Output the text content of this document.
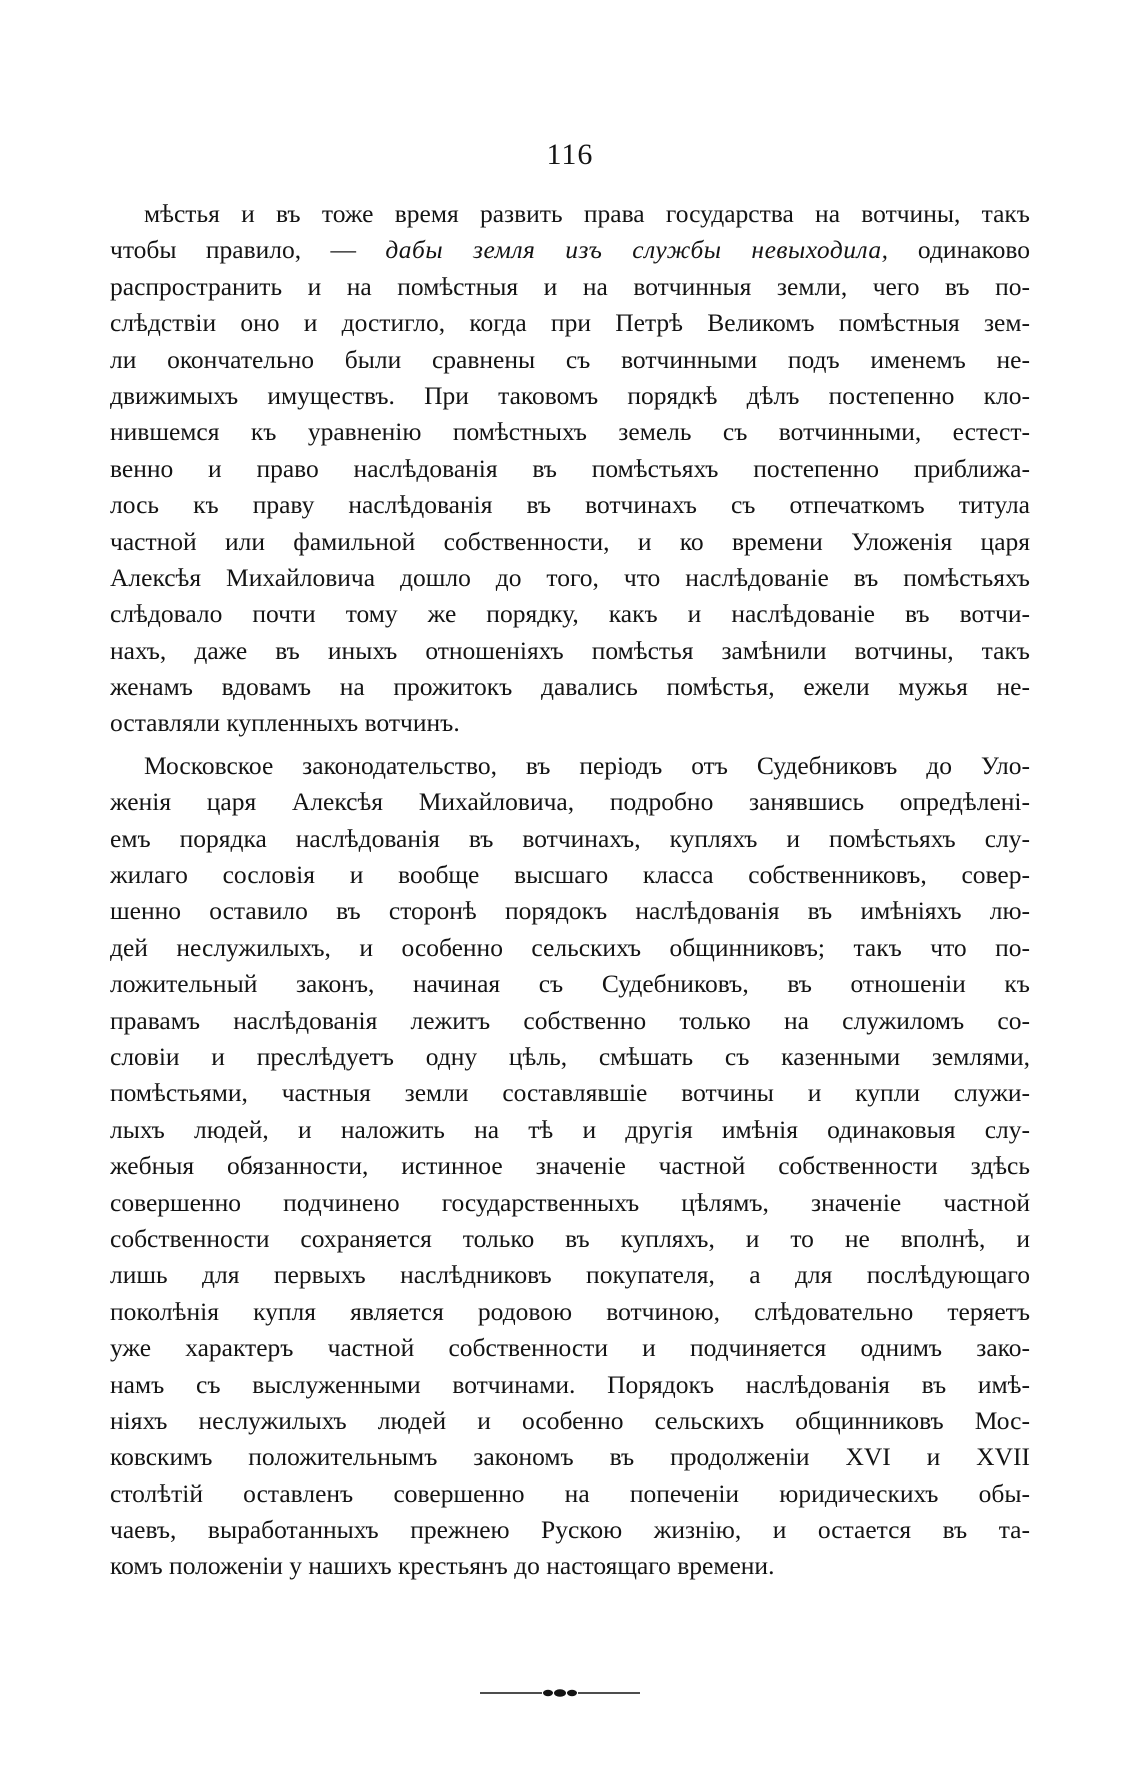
116
мѣстья и въ тоже время развить права государства на вотчины, такъ
чтобы правило, — дабы земля изъ службы невыходила, одинаково
распространить и на помѣстныя и на вотчинныя земли, чего въ по-
слѣдствіи оно и достигло, когда при Петрѣ Великомъ помѣстныя зем-
ли окончательно были сравнены съ вотчинными подъ именемъ не-
движимыхъ имуществъ. При таковомъ порядкѣ дѣлъ постепенно кло-
нившемся къ уравненію помѣстныхъ земель съ вотчинными, естест-
венно и право наслѣдованія въ помѣстьяхъ постепенно приближа-
лось къ праву наслѣдованія въ вотчинахъ съ отпечаткомъ титула
частной или фамильной собственности, и ко времени Уложенія царя
Алексѣя Михайловича дошло до того, что наслѣдованіе въ помѣстьяхъ
слѣдовало почти тому же порядку, какъ и наслѣдованіе въ вотчи-
нахъ, даже въ иныхъ отношеніяхъ помѣстья замѣнили вотчины, такъ
женамъ вдовамъ на прожитокъ давались помѣстья, ежели мужья не-
оставляли купленныхъ вотчинъ.
Московское законодательство, въ періодъ отъ Судебниковъ до Уло-
женія царя Алексѣя Михайловича, подробно занявшись опредѣлені-
емъ порядка наслѣдованія въ вотчинахъ, купляхъ и помѣстьяхъ слу-
жилаго сословія и вообще высшаго класса собственниковъ, совер-
шенно оставило въ сторонѣ порядокъ наслѣдованія въ имѣніяхъ лю-
дей неслужилыхъ, и особенно сельскихъ общинниковъ; такъ что по-
ложительный законъ, начиная съ Судебниковъ, въ отношеніи къ
правамъ наслѣдованія лежитъ собственно только на служиломъ со-
словіи и преслѣдуетъ одну цѣль, смѣшать съ казенными землями,
помѣстьями, частныя земли составлявшіе вотчины и купли служи-
лыхъ людей, и наложить на тѣ и другія имѣнія одинаковыя слу-
жебныя обязанности, истинное значеніе частной собственности здѣсь
совершенно подчинено государственныхъ цѣлямъ, значеніе частной
собственности сохраняется только въ купляхъ, и то не вполнѣ, и
лишь для первыхъ наслѣдниковъ покупателя, а для послѣдующаго
поколѣнія купля является родовою вотчиною, слѣдовательно теряетъ
уже характеръ частной собственности и подчиняется однимъ зако-
намъ съ выслуженными вотчинами. Порядокъ наслѣдованія въ имѣ-
ніяхъ неслужилыхъ людей и особенно сельскихъ общинниковъ Мос-
ковскимъ положительнымъ закономъ въ продолженіи XVI и XVII
столѣтій оставленъ совершенно на попеченіи юридическихъ обы-
чаевъ, выработанныхъ прежнею Рускою жизнію, и остается въ та-
комъ положеніи у нашихъ крестьянъ до настоящаго времени.
